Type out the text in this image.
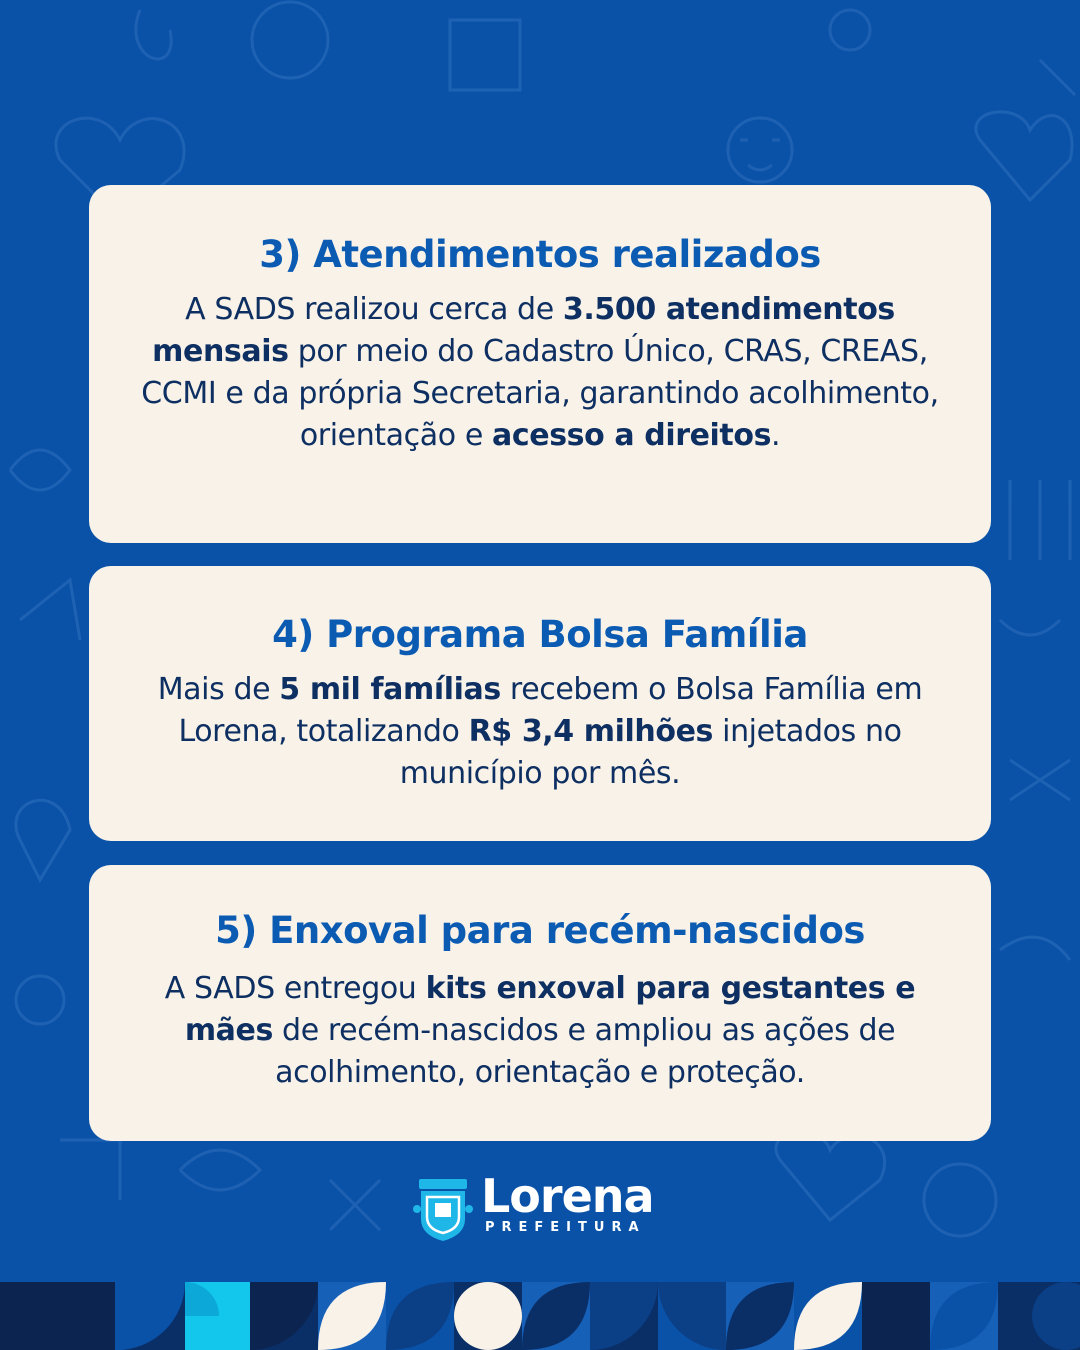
3) Atendimentos realizados

A SADS realizou cerca de 3.500 atendimentos mensais por meio do Cadastro Único, CRAS, CREAS, CCMI e da própria Secretaria, garantindo acolhimento, orientação e acesso a direitos.

4) Programa Bolsa Família

Mais de 5 mil famílias recebem o Bolsa Família em Lorena, totalizando R$ 3,4 milhões injetados no município por mês.

5) Enxoval para recém-nascidos

A SADS entregou kits enxoval para gestantes e mães de recém-nascidos e ampliou as ações de acolhimento, orientação e proteção.

Lorena
PREFEITURA
